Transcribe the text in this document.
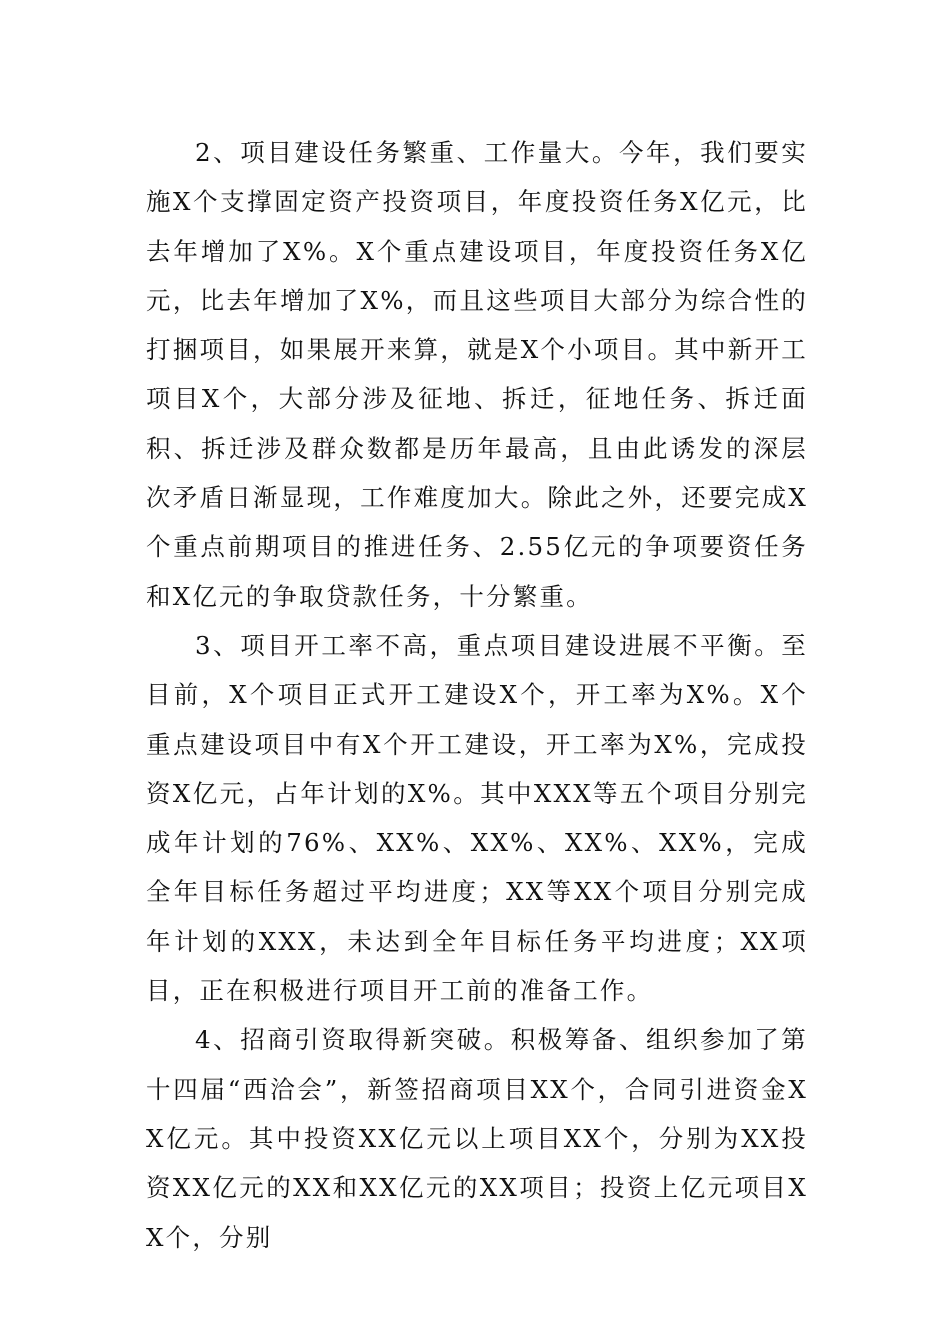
2、项目建设任务繁重、工作量大。今年，我们要实施X个支撑固定资产投资项目，年度投资任务X亿元，比去年增加了X%。X个重点建设项目，年度投资任务X亿元，比去年增加了X%，而且这些项目大部分为综合性的打捆项目，如果展开来算，就是X个小项目。其中新开工项目X个，大部分涉及征地、拆迁，征地任务、拆迁面积、拆迁涉及群众数都是历年最高，且由此诱发的深层次矛盾日渐显现，工作难度加大。除此之外，还要完成X个重点前期项目的推进任务、2.55亿元的争项要资任务和X亿元的争取贷款任务，十分繁重。

3、项目开工率不高，重点项目建设进展不平衡。至目前，X个项目正式开工建设X个，开工率为X%。X个重点建设项目中有X个开工建设，开工率为X%，完成投资X亿元，占年计划的X%。其中XXX等五个项目分别完成年计划的76%、XX%、XX%、XX%、XX%，完成全年目标任务超过平均进度；XX等XX个项目分别完成年计划的XXX，未达到全年目标任务平均进度；XX项目，正在积极进行项目开工前的准备工作。

4、招商引资取得新突破。积极筹备、组织参加了第十四届“西洽会”，新签招商项目XX个，合同引进资金XX亿元。其中投资XX亿元以上项目XX个，分别为XX投资XX亿元的XX和XX亿元的XX项目；投资上亿元项目XX个，分别
